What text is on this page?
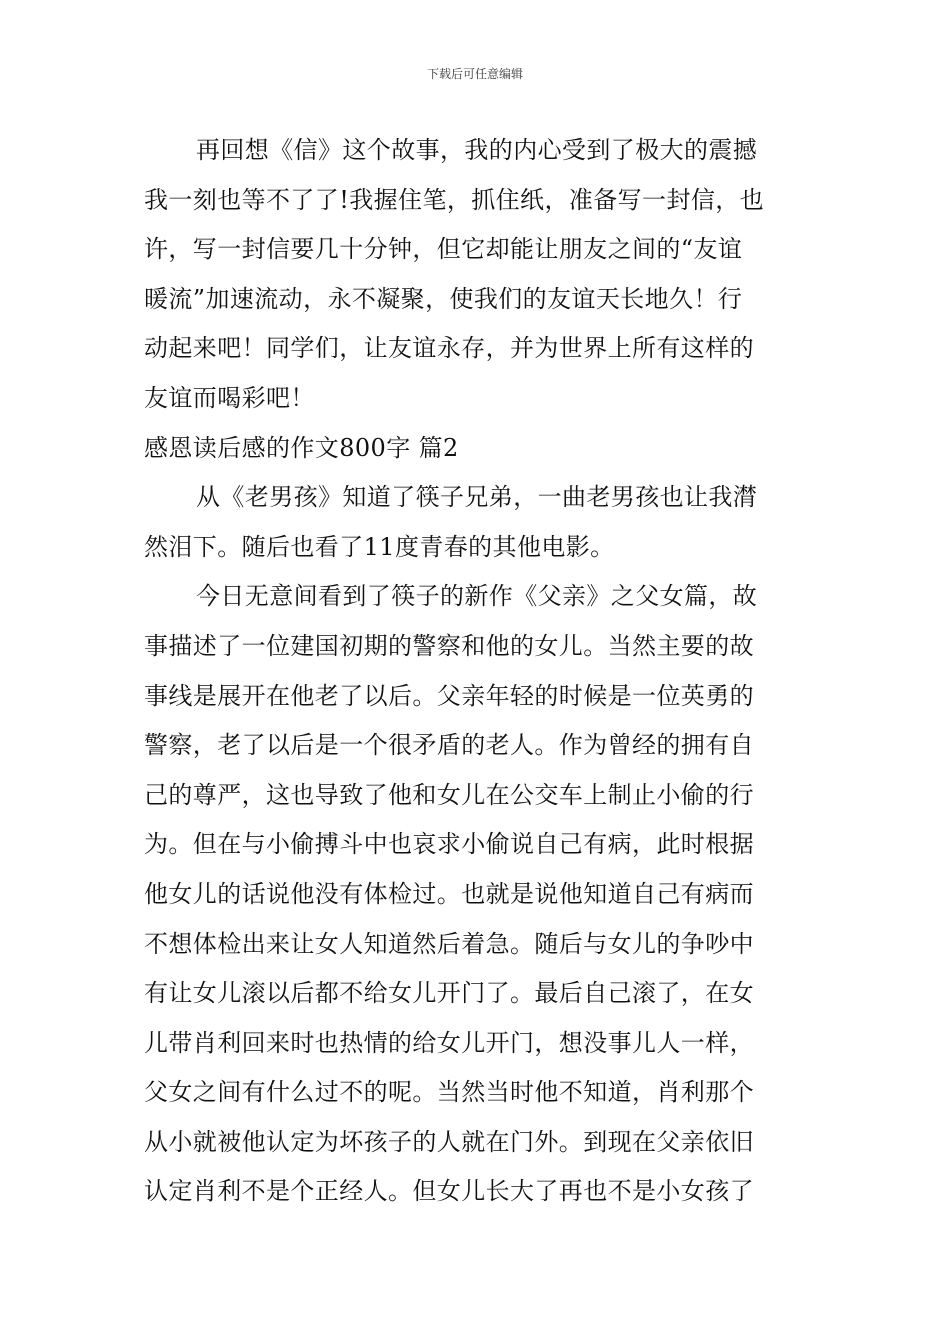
下载后可任意编辑
再回想《信》这个故事，我的内心受到了极大的震撼
我一刻也等不了了!我握住笔，抓住纸，准备写一封信，也
许，写一封信要几十分钟，但它却能让朋友之间的“友谊
暖流”加速流动，永不凝聚，使我们的友谊天长地久！行
动起来吧！同学们，让友谊永存，并为世界上所有这样的
友谊而喝彩吧！
感恩读后感的作文800字 篇2
从《老男孩》知道了筷子兄弟，一曲老男孩也让我潸
然泪下。随后也看了11度青春的其他电影。
今日无意间看到了筷子的新作《父亲》之父女篇，故
事描述了一位建国初期的警察和他的女儿。当然主要的故
事线是展开在他老了以后。父亲年轻的时候是一位英勇的
警察，老了以后是一个很矛盾的老人。作为曾经的拥有自
己的尊严，这也导致了他和女儿在公交车上制止小偷的行
为。但在与小偷搏斗中也哀求小偷说自己有病，此时根据
他女儿的话说他没有体检过。也就是说他知道自己有病而
不想体检出来让女人知道然后着急。随后与女儿的争吵中
有让女儿滚以后都不给女儿开门了。最后自己滚了，在女
儿带肖利回来时也热情的给女儿开门，想没事儿人一样，
父女之间有什么过不的呢。当然当时他不知道，肖利那个
从小就被他认定为坏孩子的人就在门外。到现在父亲依旧
认定肖利不是个正经人。但女儿长大了再也不是小女孩了
